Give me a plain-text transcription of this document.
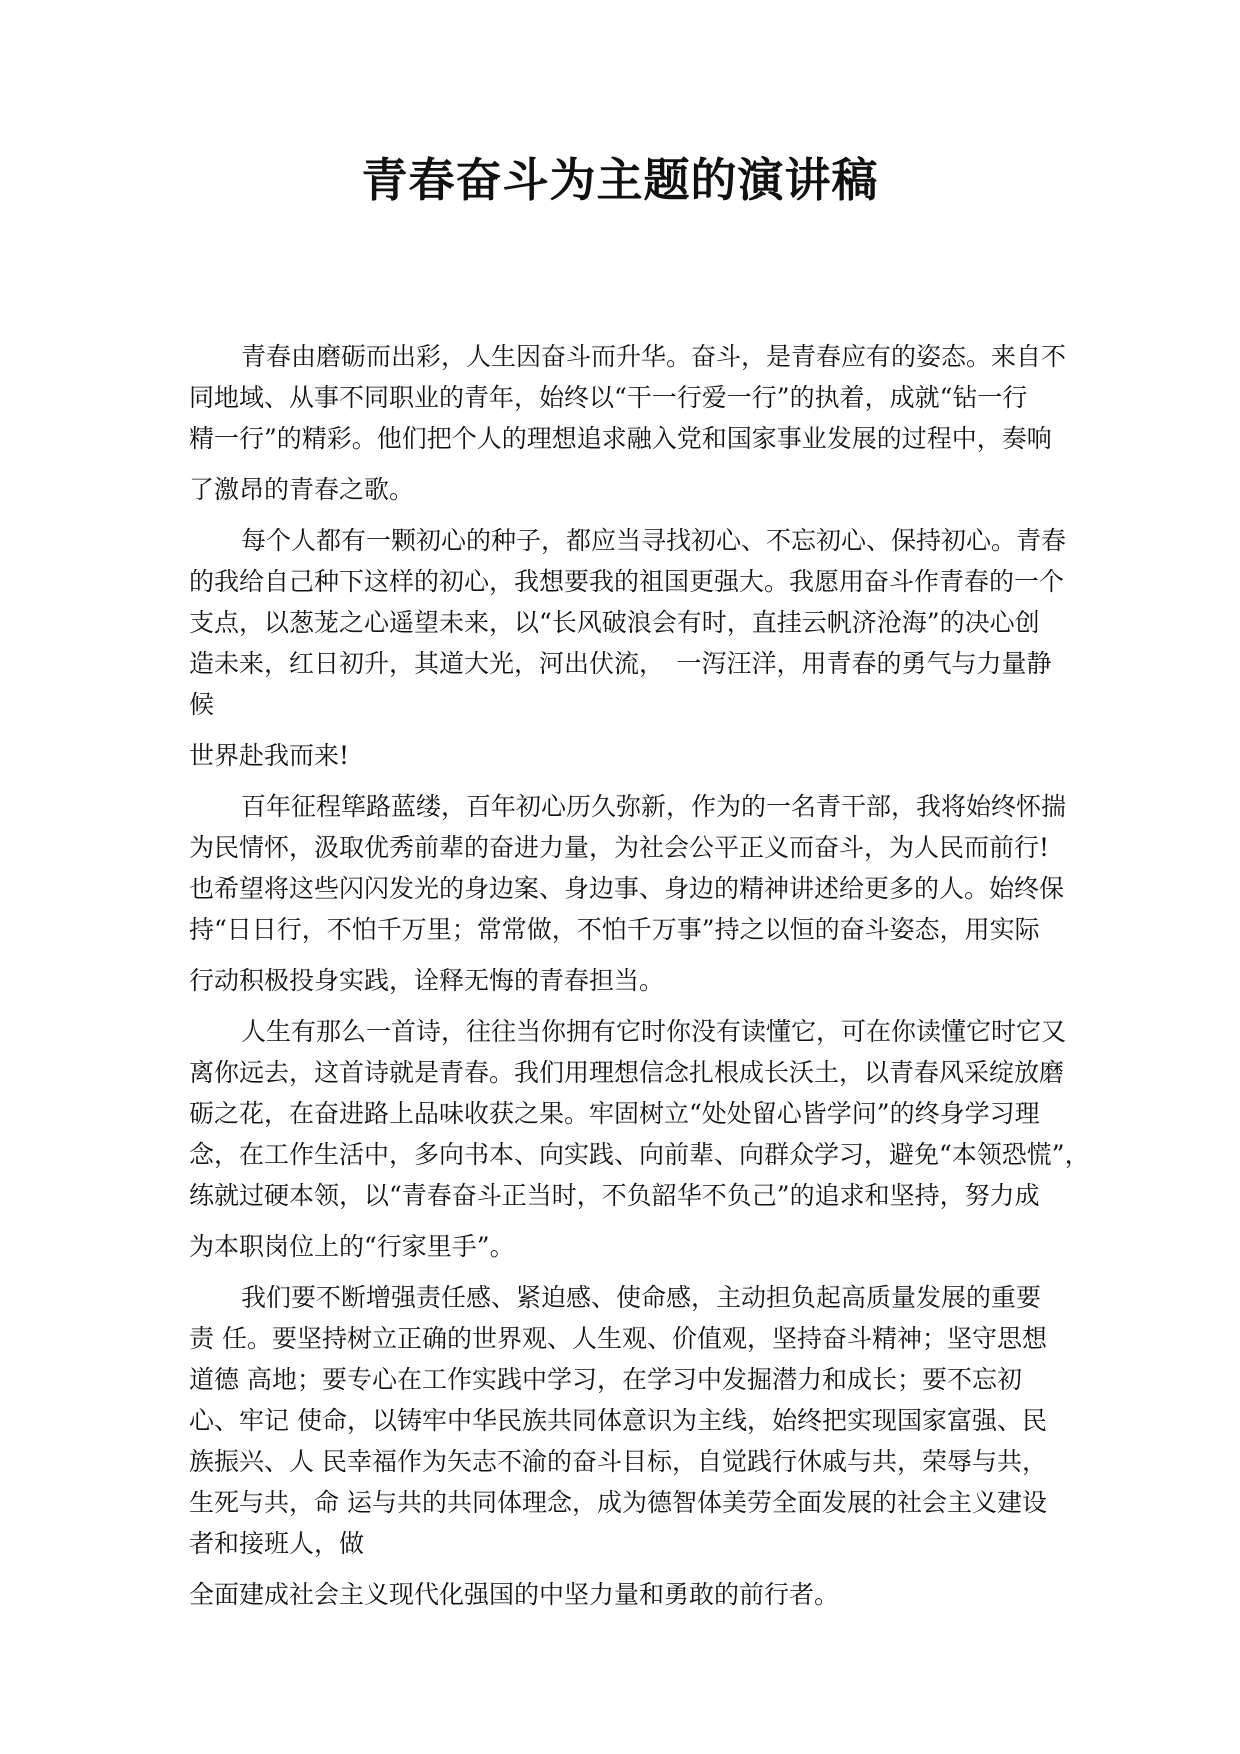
青春奋斗为主题的演讲稿
青春由磨砺而出彩，人生因奋斗而升华。奋斗，是青春应有的姿态。来自不
同地域、从事不同职业的青年，始终以“干一行爱一行”的执着，成就“钻一行
精一行”的精彩。他们把个人的理想追求融入党和国家事业发展的过程中，奏响
了激昂的青春之歌。
每个人都有一颗初心的种子，都应当寻找初心、不忘初心、保持初心。青春
的我给自己种下这样的初心，我想要我的祖国更强大。我愿用奋斗作青春的一个
支点，以葱茏之心遥望未来，以“长风破浪会有时，直挂云帆济沧海”的决心创
造未来，红日初升，其道大光，河出伏流，　一泻汪洋，用青春的勇气与力量静
候
世界赴我而来!
百年征程筚路蓝缕，百年初心历久弥新，作为的一名青干部，我将始终怀揣
为民情怀，汲取优秀前辈的奋进力量，为社会公平正义而奋斗，为人民而前行!
也希望将这些闪闪发光的身边案、身边事、身边的精神讲述给更多的人。始终保
持“日日行，不怕千万里；常常做，不怕千万事”持之以恒的奋斗姿态，用实际
行动积极投身实践，诠释无悔的青春担当。
人生有那么一首诗，往往当你拥有它时你没有读懂它，可在你读懂它时它又
离你远去，这首诗就是青春。我们用理想信念扎根成长沃土，以青春风采绽放磨
砺之花，在奋进路上品味收获之果。牢固树立“处处留心皆学问”的终身学习理
念，在工作生活中，多向书本、向实践、向前辈、向群众学习，避免“本领恐慌”，
练就过硬本领，以“青春奋斗正当时，不负韶华不负己”的追求和坚持，努力成
为本职岗位上的“行家里手”。
我们要不断增强责任感、紧迫感、使命感，主动担负起高质量发展的重要
责 任。要坚持树立正确的世界观、人生观、价值观，坚持奋斗精神；坚守思想
道德 高地；要专心在工作实践中学习，在学习中发掘潜力和成长；要不忘初
心、牢记 使命，以铸牢中华民族共同体意识为主线，始终把实现国家富强、民
族振兴、人 民幸福作为矢志不渝的奋斗目标，自觉践行休戚与共，荣辱与共，
生死与共，命 运与共的共同体理念，成为德智体美劳全面发展的社会主义建设
者和接班人，做
全面建成社会主义现代化强国的中坚力量和勇敢的前行者。
